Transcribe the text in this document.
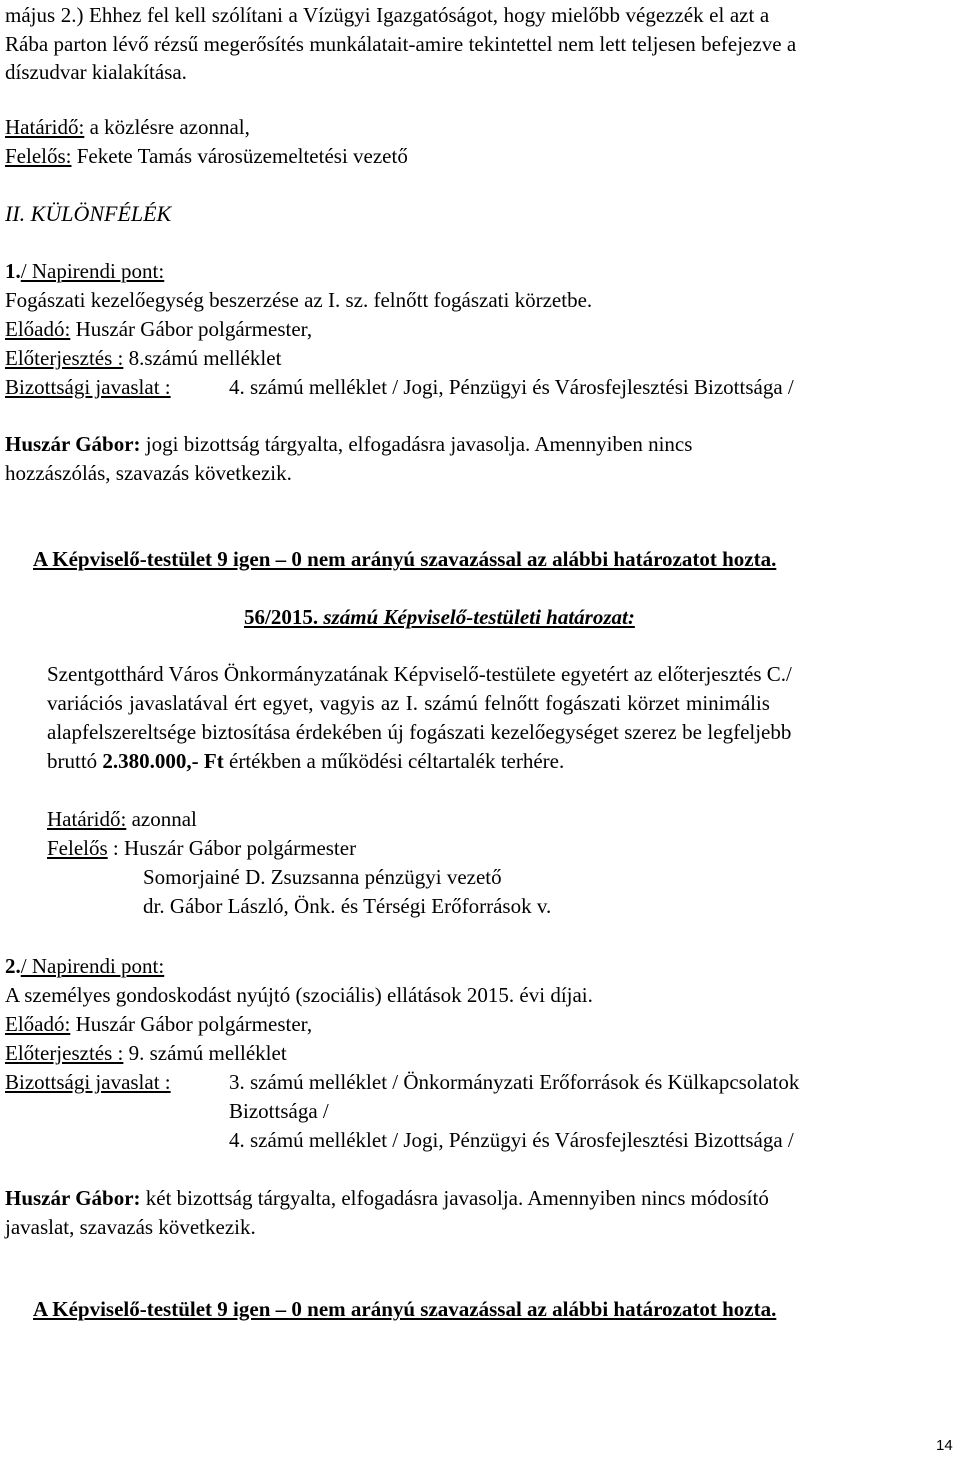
május 2.) Ehhez fel kell szólítani a Vízügyi Igazgatóságot, hogy mielőbb végezzék el azt a
Rába parton lévő rézsű megerősítés munkálatait-amire tekintettel nem lett teljesen befejezve a
díszudvar kialakítása.
Határidő: a közlésre azonnal,
Felelős: Fekete Tamás városüzemeltetési vezető
II. KÜLÖNFÉLÉK
1./ Napirendi pont:
Fogászati kezelőegység beszerzése az I. sz. felnőtt fogászati körzetbe.
Előadó: Huszár Gábor polgármester,
Előterjesztés : 8.számú melléklet
Bizottsági javaslat :	4. számú melléklet / Jogi, Pénzügyi és Városfejlesztési Bizottsága /
Huszár Gábor: jogi bizottság tárgyalta, elfogadásra javasolja. Amennyiben nincs
hozzászólás, szavazás következik.
A Képviselő-testület 9 igen – 0 nem arányú szavazással az alábbi határozatot hozta.
56/2015. számú Képviselő-testületi határozat:
Szentgotthárd Város Önkormányzatának Képviselő-testülete egyetért az előterjesztés C./
variációs javaslatával ért egyet, vagyis az I. számú felnőtt fogászati körzet minimális
alapfelszereltsége biztosítása érdekében új fogászati kezelőegységet szerez be legfeljebb
bruttó 2.380.000,- Ft értékben a működési céltartalék terhére.
Határidő: azonnal
Felelős : Huszár Gábor polgármester
Somorjainé D. Zsuzsanna pénzügyi vezető
dr. Gábor László, Önk. és Térségi Erőforrások v.
2./ Napirendi pont:
A személyes gondoskodást nyújtó (szociális) ellátások 2015. évi díjai.
Előadó: Huszár Gábor polgármester,
Előterjesztés : 9. számú melléklet
Bizottsági javaslat :	3. számú melléklet / Önkormányzati Erőforrások és Külkapcsolatok
Bizottsága /
4. számú melléklet / Jogi, Pénzügyi és Városfejlesztési Bizottsága /
Huszár Gábor: két bizottság tárgyalta, elfogadásra javasolja. Amennyiben nincs módosító
javaslat, szavazás következik.
A Képviselő-testület 9 igen – 0 nem arányú szavazással az alábbi határozatot hozta.
14
